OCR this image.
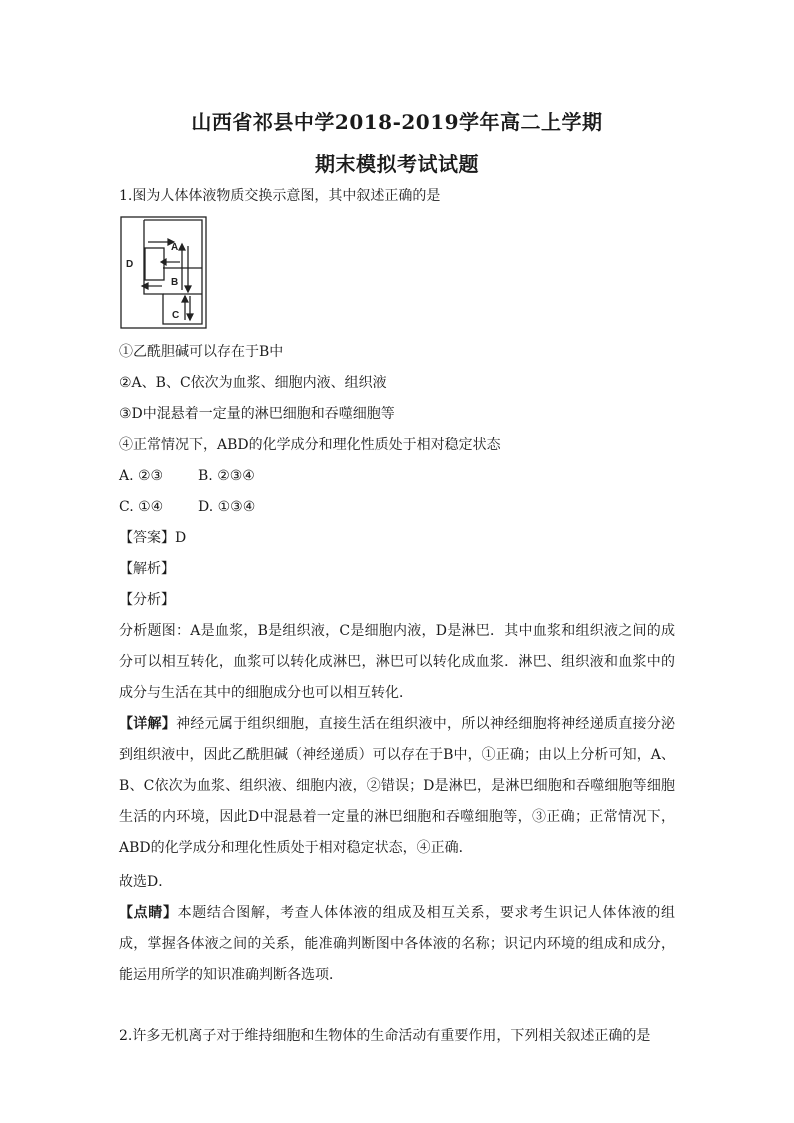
山西省祁县中学2018-2019学年高二上学期
期末模拟考试试题
1.图为人体体液物质交换示意图，其中叙述正确的是
A
B
D
C
①乙酰胆碱可以存在于B中
②A、B、C依次为血浆、细胞内液、组织液
③D中混悬着一定量的淋巴细胞和吞噬细胞等
④正常情况下，ABD的化学成分和理化性质处于相对稳定状态
A. ②③ B. ②③④
C. ①④ D. ①③④
【答案】D
【解析】
【分析】
分析题图：A是血浆，B是组织液，C是细胞内液，D是淋巴．其中血浆和组织液之间的成分可以相互转化，血浆可以转化成淋巴，淋巴可以转化成血浆．淋巴、组织液和血浆中的成分与生活在其中的细胞成分也可以相互转化．
【详解】神经元属于组织细胞，直接生活在组织液中，所以神经细胞将神经递质直接分泌到组织液中，因此乙酰胆碱（神经递质）可以存在于B中，①正确；由以上分析可知，A、B、C依次为血浆、组织液、细胞内液，②错误；D是淋巴，是淋巴细胞和吞噬细胞等细胞生活的内环境，因此D中混悬着一定量的淋巴细胞和吞噬细胞等，③正确；正常情况下，ABD的化学成分和理化性质处于相对稳定状态，④正确．
故选D．
【点睛】本题结合图解，考查人体体液的组成及相互关系，要求考生识记人体体液的组成，掌握各体液之间的关系，能准确判断图中各体液的名称；识记内环境的组成和成分，能运用所学的知识准确判断各选项．
2.许多无机离子对于维持细胞和生物体的生命活动有重要作用，下列相关叙述正确的是
